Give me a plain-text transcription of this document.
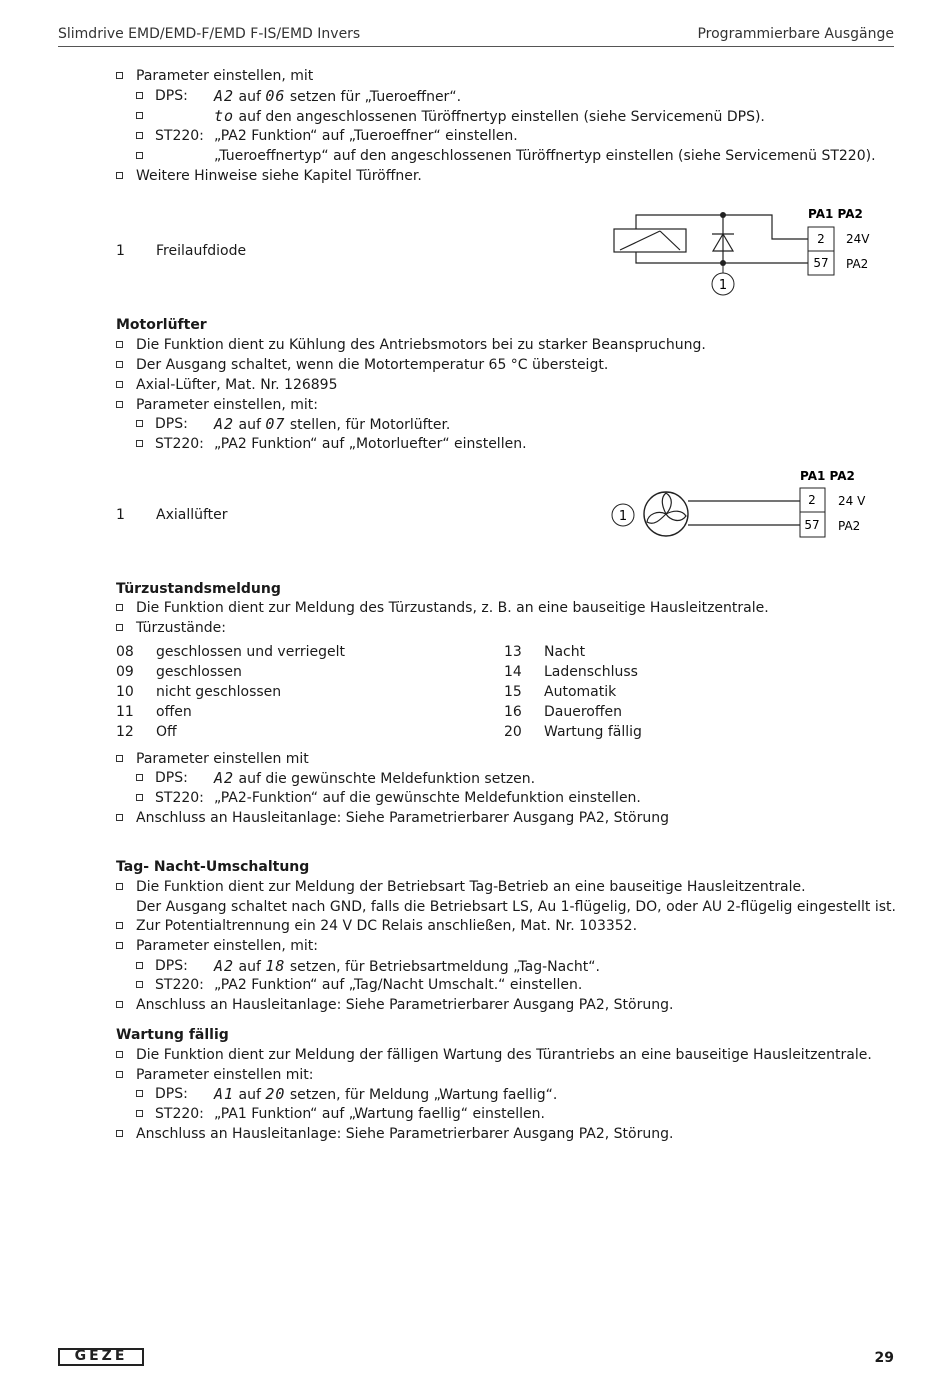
Slimdrive EMD/EMD-F/EMD F-IS/EMD Invers	Programmierbare Ausgänge
Parameter einstellen, mit
DPS: A2 auf 06 setzen für „Tueroeffner“.
to auf den angeschlossenen Türöffnertyp einstellen (siehe Servicemenü DPS).
ST220: „PA2 Funktion“ auf „Tueroeffner“ einstellen.
„Tueroeffnertyp“ auf den angeschlossenen Türöffnertyp einstellen (siehe Servicemenü ST220).
Weitere Hinweise siehe Kapitel Türöffner.
1 Freilaufdiode
PA1 PA2
2
57
24V
PA2
1
Motorlüfter
Die Funktion dient zu Kühlung des Antriebsmotors bei zu starker Beanspruchung.
Der Ausgang schaltet, wenn die Motortemperatur 65 °C übersteigt.
Axial-Lüfter, Mat. Nr. 126895
Parameter einstellen, mit:
DPS: A2 auf 07 stellen, für Motorlüfter.
ST220: „PA2 Funktion“ auf „Motorluefter“ einstellen.
1 Axiallüfter
PA1 PA2
2
57
24 V
PA2
1
Türzustandsmeldung
Die Funktion dient zur Meldung des Türzustands, z. B. an eine bauseitige Hausleitzentrale.
Türzustände:
08 geschlossen und verriegelt	13 Nacht
09 geschlossen	14 Ladenschluss
10 nicht geschlossen	15 Automatik
11 offen	16 Daueroffen
12 Off	20 Wartung fällig
Parameter einstellen mit
DPS: A2 auf die gewünschte Meldefunktion setzen.
ST220: „PA2-Funktion“ auf die gewünschte Meldefunktion einstellen.
Anschluss an Hausleitanlage: Siehe Parametrierbarer Ausgang PA2, Störung
Tag- Nacht-Umschaltung
Die Funktion dient zur Meldung der Betriebsart Tag-Betrieb an eine bauseitige Hausleitzentrale.
Der Ausgang schaltet nach GND, falls die Betriebsart LS, Au 1-flügelig, DO, oder AU 2-flügelig eingestellt ist.
Zur Potentialtrennung ein 24 V DC Relais anschließen, Mat. Nr. 103352.
Parameter einstellen, mit:
DPS: A2 auf 18 setzen, für Betriebsartmeldung „Tag-Nacht“.
ST220: „PA2 Funktion“ auf „Tag/Nacht Umschalt.“ einstellen.
Anschluss an Hausleitanlage: Siehe Parametrierbarer Ausgang PA2, Störung.
Wartung fällig
Die Funktion dient zur Meldung der fälligen Wartung des Türantriebs an eine bauseitige Hausleitzentrale.
Parameter einstellen mit:
DPS: A1 auf 20 setzen, für Meldung „Wartung faellig“.
ST220: „PA1 Funktion“ auf „Wartung faellig“ einstellen.
Anschluss an Hausleitanlage: Siehe Parametrierbarer Ausgang PA2, Störung.
GEZE	29
